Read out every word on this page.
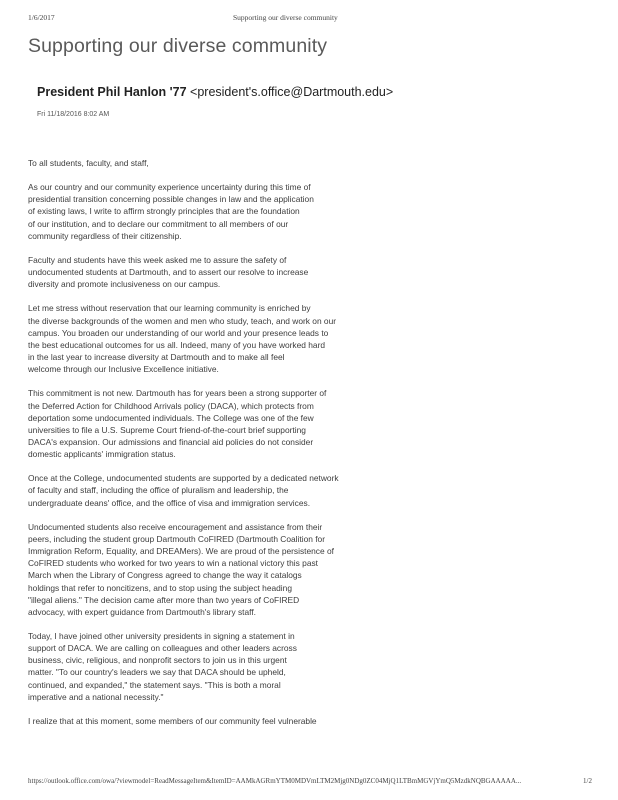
1/6/2017	Supporting our diverse community
Supporting our diverse community
President Phil Hanlon '77 <president's.office@Dartmouth.edu>
Fri 11/18/2016 8:02 AM

To all students, faculty, and staff,

As our country and our community experience uncertainty during this time of
presidential transition concerning possible changes in law and the application
of existing laws, I write to affirm strongly principles that are the foundation
of our institution, and to declare our commitment to all members of our
community regardless of their citizenship.

Faculty and students have this week asked me to assure the safety of
undocumented students at Dartmouth, and to assert our resolve to increase
diversity and promote inclusiveness on our campus.

Let me stress without reservation that our learning community is enriched by
the diverse backgrounds of the women and men who study, teach, and work on our
campus. You broaden our understanding of our world and your presence leads to
the best educational outcomes for us all. Indeed, many of you have worked hard
in the last year to increase diversity at Dartmouth and to make all feel
welcome through our Inclusive Excellence initiative.

This commitment is not new. Dartmouth has for years been a strong supporter of
the Deferred Action for Childhood Arrivals policy (DACA), which protects from
deportation some undocumented individuals. The College was one of the few
universities to file a U.S. Supreme Court friend-of-the-court brief supporting
DACA's expansion. Our admissions and financial aid policies do not consider
domestic applicants' immigration status.

Once at the College, undocumented students are supported by a dedicated network
of faculty and staff, including the office of pluralism and leadership, the
undergraduate deans' office, and the office of visa and immigration services.

Undocumented students also receive encouragement and assistance from their
peers, including the student group Dartmouth CoFIRED (Dartmouth Coalition for
Immigration Reform, Equality, and DREAMers). We are proud of the persistence of
CoFIRED students who worked for two years to win a national victory this past
March when the Library of Congress agreed to change the way it catalogs
holdings that refer to noncitizens, and to stop using the subject heading
"illegal aliens." The decision came after more than two years of CoFIRED
advocacy, with expert guidance from Dartmouth's library staff.

Today, I have joined other university presidents in signing a statement in
support of DACA. We are calling on colleagues and other leaders across
business, civic, religious, and nonprofit sectors to join us in this urgent
matter. "To our country's leaders we say that DACA should be upheld,
continued, and expanded," the statement says. "This is both a moral
imperative and a national necessity."

I realize that at this moment, some members of our community feel vulnerable

https://outlook.office.com/owa/?viewmodel=ReadMessageItem&ItemID=AAMkAGRmYTM0MDVmLTM2Mjg0NDg0ZC04MjQ1LTBmMGVjYmQ5MzdkNQBGAAAAA...	1/2
